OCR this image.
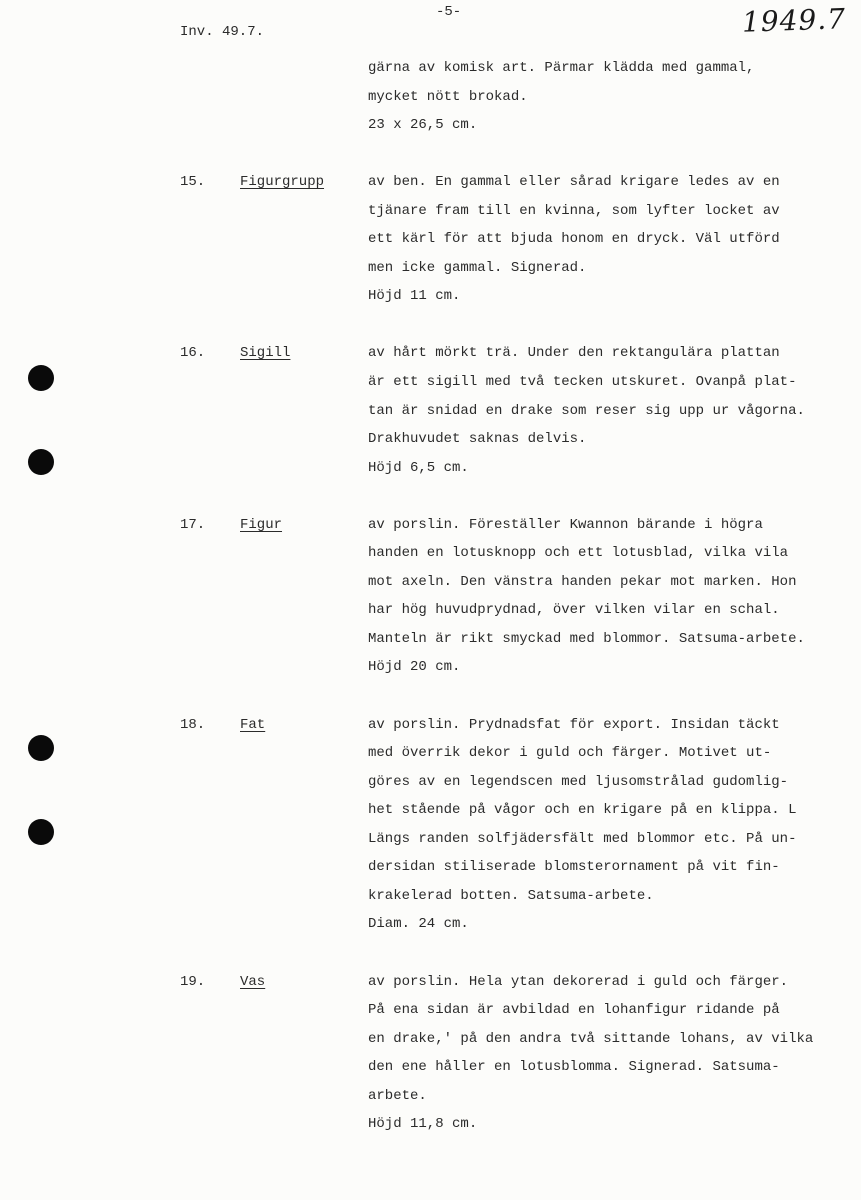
Inv. 49.7.
-5-	1949.7
gärna av komisk art. Pärmar klädda med gammal,
mycket nött brokad.
23 x 26,5 cm.
15.	Figurgrupp	av ben. En gammal eller sårad krigare ledes av en
tjänare fram till en kvinna, som lyfter locket av
ett kärl för att bjuda honom en dryck. Väl utförd
men icke gammal. Signerad.
Höjd 11 cm.
16.	Sigill	av hårt mörkt trä. Under den rektangulära plattan
är ett sigill med två tecken utskuret. Ovanpå plat-
tan är snidad en drake som reser sig upp ur vågorna.
Drakhuvudet saknas delvis.
Höjd 6,5 cm.
17.	Figur	av porslin. Föreställer Kwannon bärande i högra
handen en lotusknopp och ett lotusblad, vilka vila
mot axeln. Den vänstra handen pekar mot marken. Hon
har hög huvudprydnad, över vilken vilar en schal.
Manteln är rikt smyckad med blommor. Satsuma-arbete.
Höjd 20 cm.
18.	Fat	av porslin. Prydnadsfat för export. Insidan täckt
med överrik dekor i guld och färger. Motivet ut-
göres av en legendscen med ljusomstrålad gudomlig-
het stående på vågor och en krigare på en klippa. L
Längs randen solfjädersfält med blommor etc. På un-
dersidan stiliserade blomsterornament på vit fin-
krakelerad botten. Satsuma-arbete.
Diam. 24 cm.
19.	Vas	av porslin. Hela ytan dekorerad i guld och färger.
På ena sidan är avbildad en lohanfigur ridande på
en drake,' på den andra två sittande lohans, av vilka
den ene håller en lotusblomma. Signerad. Satsuma-
arbete.
Höjd 11,8 cm.
